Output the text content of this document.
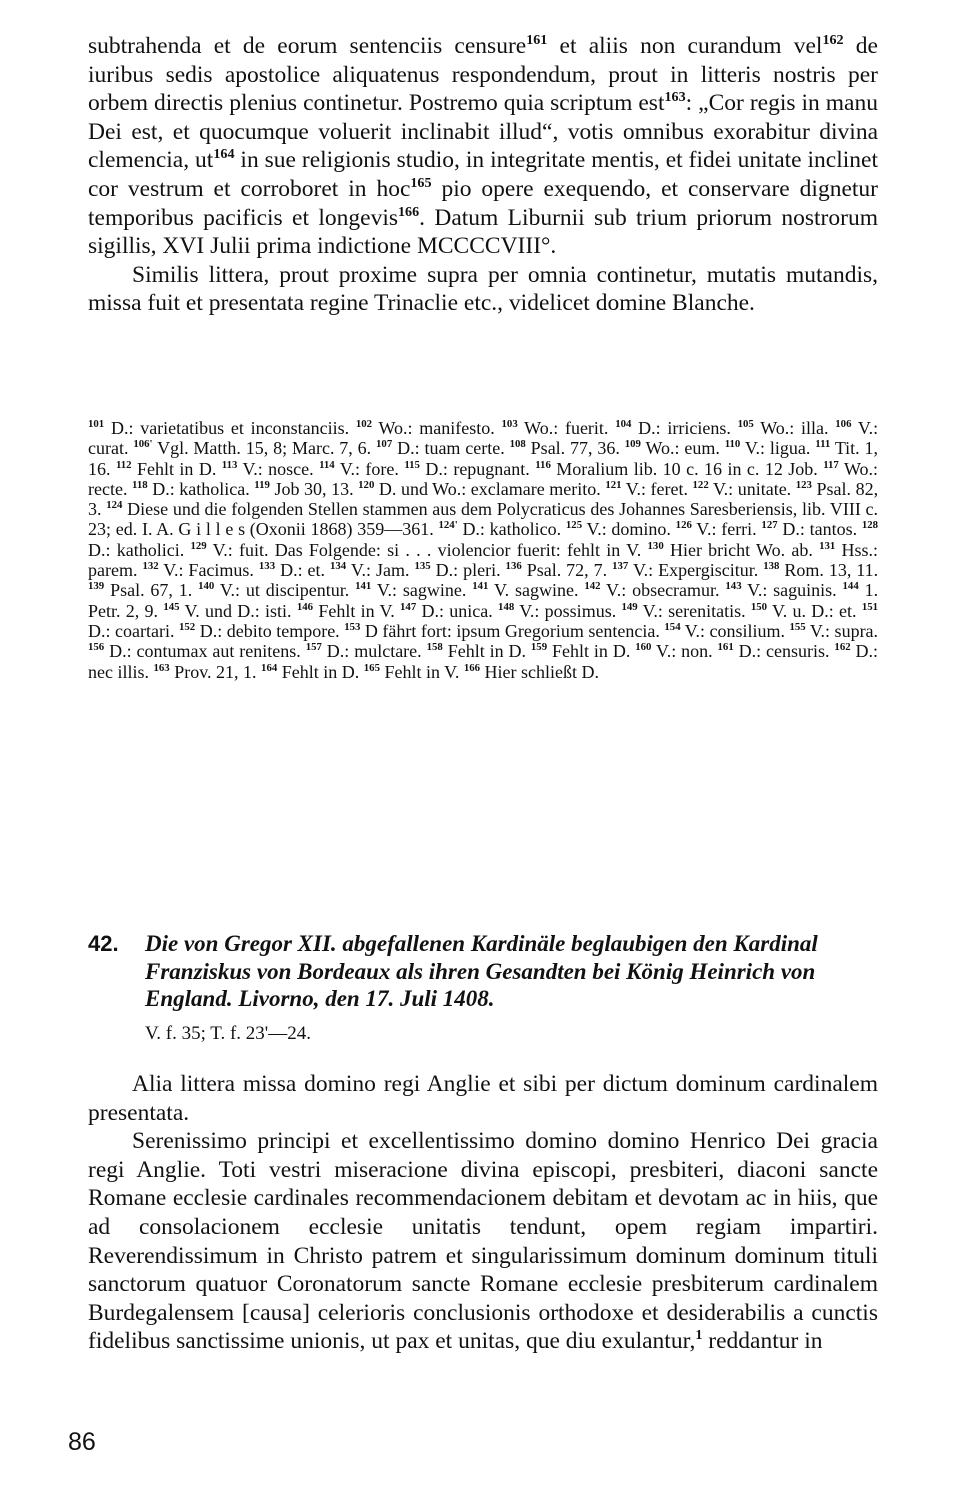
subtrahenda et de eorum sentenciis censure$^{161}$ et aliis non curandum vel$^{162}$ de iuribus sedis apostolice aliquatenus respondendum, prout in litteris nostris per orbem directis plenius continetur. Postremo quia scriptum est$^{163}$: „Cor regis in manu Dei est, et quocumque voluerit inclinabit illud“, votis omnibus exorabitur divina clemencia, $ut^{164}$ in sue religionis studio, in integritate mentis, et fidei unitate inclinet cor vestrum et corroboret in hoc$^{165}$ pio opere exequendo, et conservare dignetur temporibus pacificis et longevis$^{166}$. Datum Liburnii sub trium priorum nostrorum sigillis, XVI Julii prima indictione MCCCCVIII°.

Similis littera, prout proxime supra per omnia continetur, mutatis mutandis, missa fuit et presentata regine Trinaclie etc., videlicet domine Blanche.

$^{101}$ D.: varietatibus et inconstanciis. $^{102}$ Wo.: manifesto. $^{103}$ Wo.: fuerit. $^{104}$ D.: irriciens. $^{105}$ Wo.: illa. $^{106}$ V.: curat. $^{106'}$ Vgl. Matth. 15, 8; Marc. 7, 6. $^{107}$ D.: tuam certe. $^{108}$ Psal. 77, 36. $^{109}$ Wo.: eum. $^{110}$ V.: ligua. $^{111}$ Tit. 1, 16. $^{112}$ Fehlt in D. $^{113}$ V.: nosce. $^{114}$ V.: fore. $^{115}$ D.: repugnant. $^{116}$ Moralium lib. 10 c. 16 in c. 12 Job. $^{117}$ Wo.: recte. $^{118}$ D.: katholica. $^{119}$ Job 30, 13. $^{120}$ D. und Wo.: exclamare merito. $^{121}$ V.: feret. $^{122}$ V.: unitate. $^{123}$ Psal. 82, 3. $^{124}$ Diese und die folgenden Stellen stammen aus dem Polycraticus des Johannes Saresberiensis, lib. VIII c. 23; ed. I. A. G i l l e s (Oxonii 1868) 359—361. $^{124'}$ D.: katholico. $^{125}$ V.: domino. $^{126}$ V.: ferri. $^{127}$ D.: tantos. $^{128}$ D.: katholici. $^{129}$ V.: fuit. Das Folgende: si . . . violencior fuerit: fehlt in V. $^{130}$ Hier bricht Wo. ab. $^{131}$ Hss.: parem. $^{132}$ V.: Facimus. $^{133}$ D.: et. $^{134}$ V.: Jam. $^{135}$ D.: pleri. $^{136}$ Psal. 72, 7. $^{137}$ V.: Expergiscitur. $^{138}$ Rom. 13, 11. $^{139}$ Psal. 67, 1. $^{140}$ V.: ut discipentur. $^{141}$ V.: sagwine. $^{141}$ V. sagwine. $^{142}$ V.: obsecramur. $^{143}$ V.: saguinis. $^{144}$ 1. Petr. 2, 9. $^{145}$ V. und D.: isti. $^{146}$ Fehlt in V. $^{147}$ D.: unica. $^{148}$ V.: possimus. $^{149}$ V.: serenitatis. $^{150}$ V. u. D.: et. $^{151}$ D.: coartari. $^{152}$ D.: debito tempore. $^{153}$ D fährt fort: ipsum Gregorium sentencia. $^{154}$ V.: consilium. $^{155}$ V.: supra. $^{156}$ D.: contumax aut renitens. $^{157}$ D.: mulctare. $^{158}$ Fehlt in D. $^{159}$ Fehlt in D. $^{160}$ V.: non. $^{161}$ D.: censuris. $^{162}$ D.: nec illis. $^{163}$ Prov. 21, 1. $^{164}$ Fehlt in D. $^{165}$ Fehlt in V. $^{166}$ Hier schließt D.

42.	Die von Gregor XII. abgefallenen Kardinäle beglaubigen den Kardinal Franziskus von Bordeaux als ihren Gesandten bei König Heinrich von England. Livorno, den 17. Juli 1408.
V. f. 35; T. f. 23'—24.

Alia littera missa domino regi Anglie et sibi per dictum dominum cardinalem presentata.

Serenissimo principi et excellentissimo domino domino Henrico Dei gracia regi Anglie. Toti vestri miseracione divina episcopi, presbiteri, diaconi sancte Romane ecclesie cardinales recommendacionem debitam et devotam ac in hiis, que ad consolacionem ecclesie unitatis tendunt, opem regiam impartiri. Reverendissimum in Christo patrem et singularissimum dominum dominum tituli sanctorum quatuor Coronatorum sancte Romane ecclesie presbiterum cardinalem Burdegalensem [causa] celerioris conclusionis orthodoxe et desiderabilis a cunctis fidelibus sanctissime unionis, ut pax et unitas, que diu exulantur,$^1$ reddantur in

86
